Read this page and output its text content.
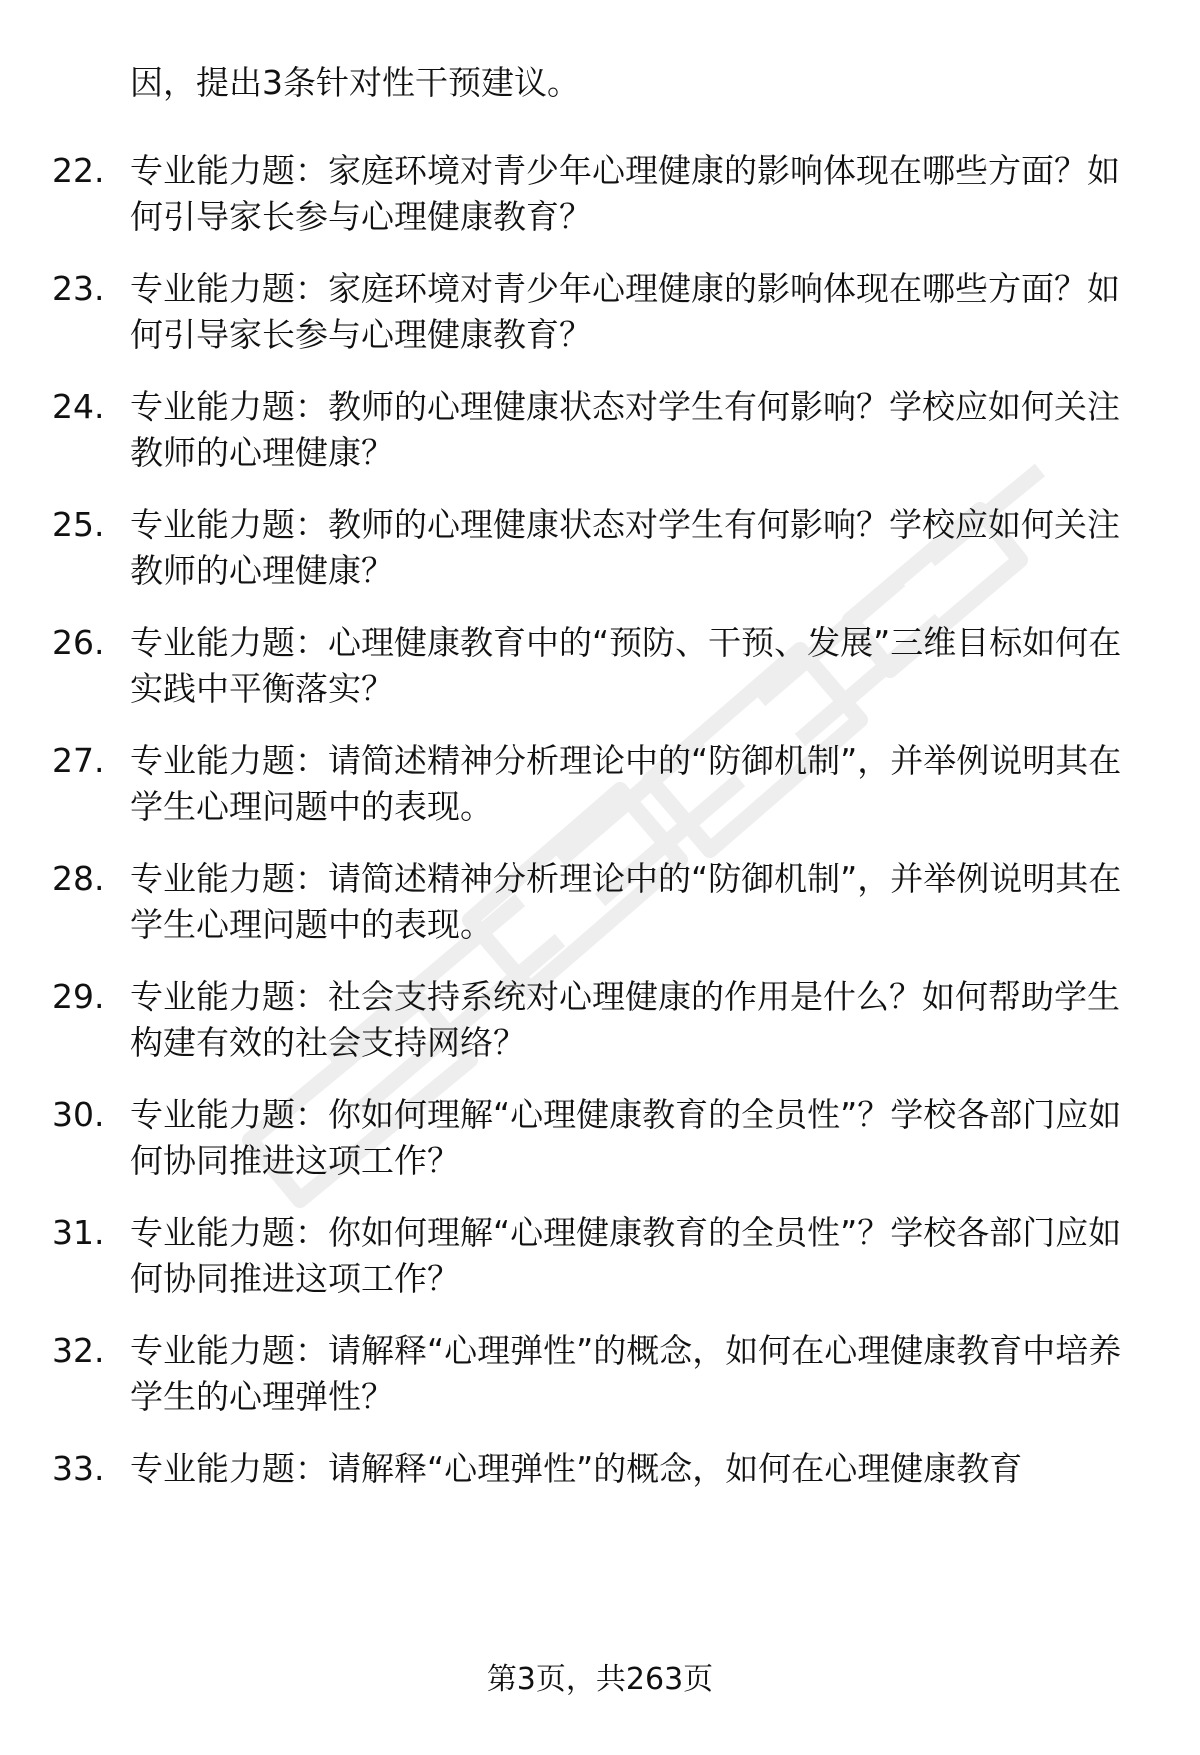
因，提出3条针对性干预建议。
22. 专业能力题：家庭环境对青少年心理健康的影响体现在哪些方面？如何引导家长参与心理健康教育？
23. 专业能力题：家庭环境对青少年心理健康的影响体现在哪些方面？如何引导家长参与心理健康教育？
24. 专业能力题：教师的心理健康状态对学生有何影响？学校应如何关注教师的心理健康？
25. 专业能力题：教师的心理健康状态对学生有何影响？学校应如何关注教师的心理健康？
26. 专业能力题：心理健康教育中的“预防、干预、发展”三维目标如何在实践中平衡落实？
27. 专业能力题：请简述精神分析理论中的“防御机制”，并举例说明其在学生心理问题中的表现。
28. 专业能力题：请简述精神分析理论中的“防御机制”，并举例说明其在学生心理问题中的表现。
29. 专业能力题：社会支持系统对心理健康的作用是什么？如何帮助学生构建有效的社会支持网络？
30. 专业能力题：你如何理解“心理健康教育的全员性”？学校各部门应如何协同推进这项工作？
31. 专业能力题：你如何理解“心理健康教育的全员性”？学校各部门应如何协同推进这项工作？
32. 专业能力题：请解释“心理弹性”的概念，如何在心理健康教育中培养学生的心理弹性？
33. 专业能力题：请解释“心理弹性”的概念，如何在心理健康教育
第3页，共263页
